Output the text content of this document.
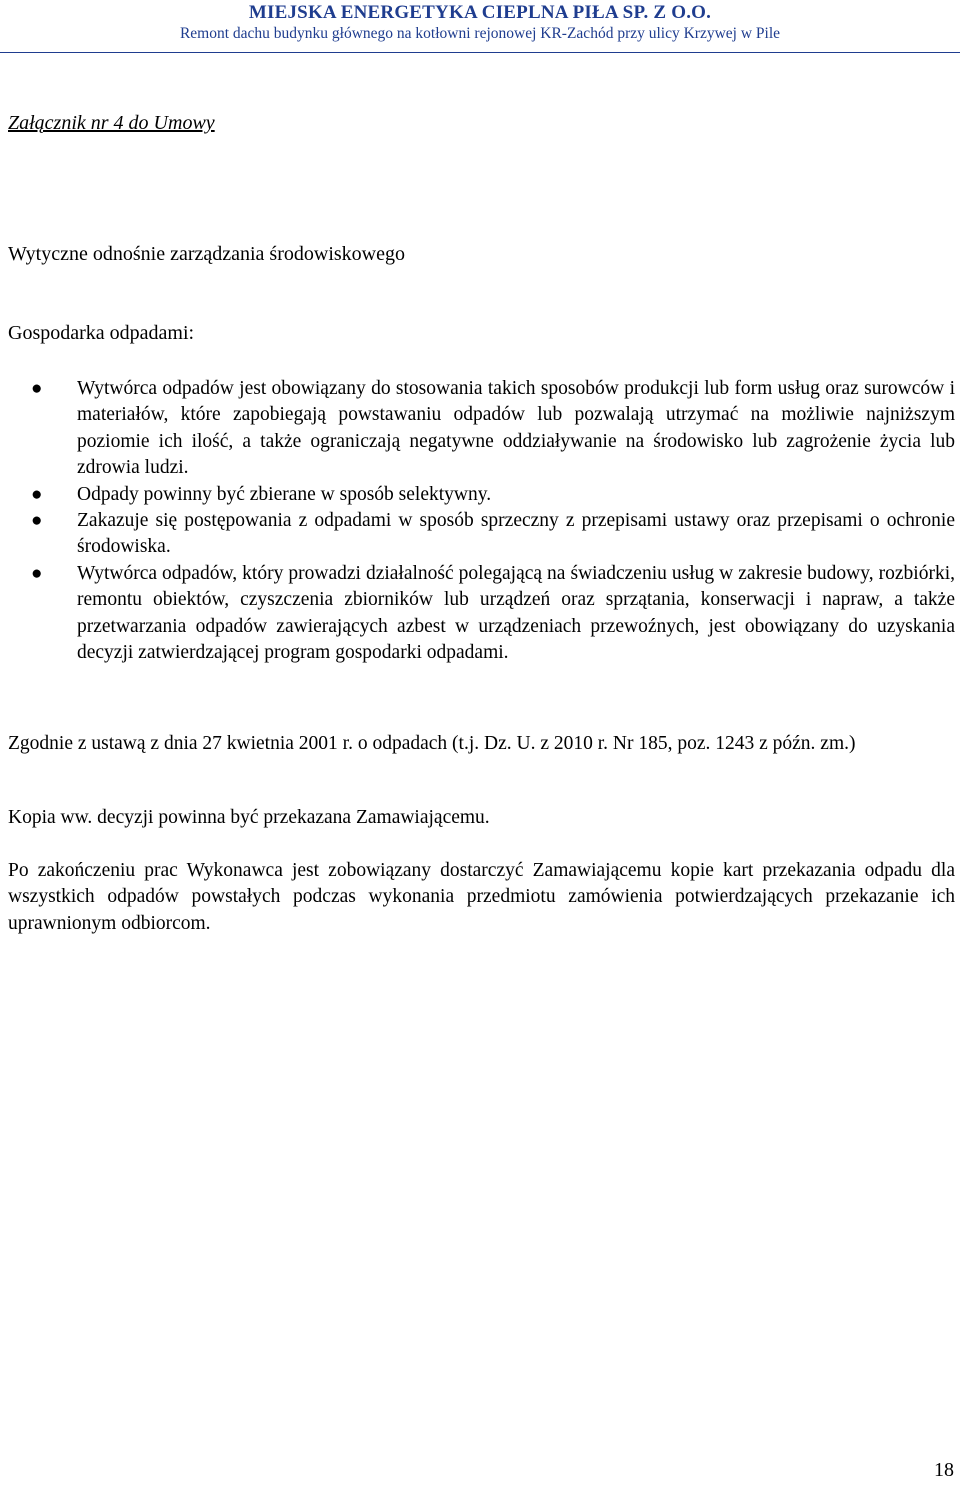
MIEJSKA ENERGETYKA CIEPLNA PIŁA SP. Z O.O.
Remont dachu budynku głównego na kotłowni rejonowej KR-Zachód przy ulicy Krzywej w Pile
Załącznik nr 4 do Umowy
Wytyczne odnośnie zarządzania środowiskowego
Gospodarka odpadami:
● Wytwórca odpadów jest obowiązany do stosowania takich sposobów produkcji lub form usług oraz surowców i materiałów, które zapobiegają powstawaniu odpadów lub pozwalają utrzymać na możliwie najniższym poziomie ich ilość, a także ograniczają negatywne oddziaływanie na środowisko lub zagrożenie życia lub zdrowia ludzi.
● Odpady powinny być zbierane w sposób selektywny.
● Zakazuje się postępowania z odpadami w sposób sprzeczny z przepisami ustawy oraz przepisami o ochronie środowiska.
● Wytwórca odpadów, który prowadzi działalność polegającą na świadczeniu usług w zakresie budowy, rozbiórki, remontu obiektów, czyszczenia zbiorników lub urządzeń oraz sprzątania, konserwacji i napraw, a także przetwarzania odpadów zawierających azbest w urządzeniach przewoźnych, jest obowiązany do uzyskania decyzji zatwierdzającej program gospodarki odpadami.

Zgodnie z ustawą z dnia 27 kwietnia 2001 r. o odpadach (t.j. Dz. U. z 2010 r. Nr 185, poz. 1243 z późn. zm.)

Kopia ww. decyzji powinna być przekazana Zamawiającemu.

Po zakończeniu prac Wykonawca jest zobowiązany dostarczyć Zamawiającemu kopie kart przekazania odpadu dla wszystkich odpadów powstałych podczas wykonania przedmiotu zamówienia potwierdzających przekazanie ich uprawnionym odbiorcom.

18
